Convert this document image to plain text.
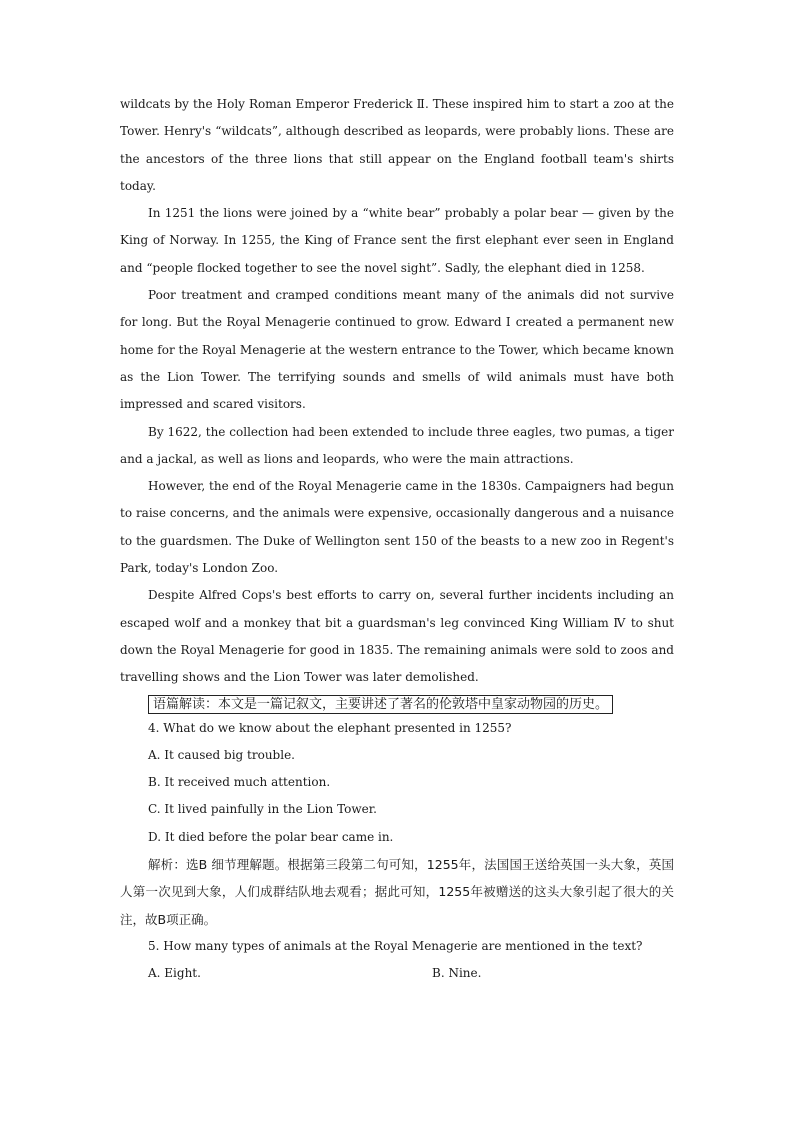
wildcats by the Holy Roman Emperor Frederick Ⅱ. These inspired him to start a zoo at the Tower. Henry's “wildcats”, although described as leopards, were probably lions. These are the ancestors of the three lions that still appear on the England football team's shirts today.

In 1251 the lions were joined by a “white bear” probably a polar bear — given by the King of Norway. In 1255, the King of France sent the first elephant ever seen in England and “people flocked together to see the novel sight”. Sadly, the elephant died in 1258.

Poor treatment and cramped conditions meant many of the animals did not survive for long. But the Royal Menagerie continued to grow. Edward Ⅰ created a permanent new home for the Royal Menagerie at the western entrance to the Tower, which became known as the Lion Tower. The terrifying sounds and smells of wild animals must have both impressed and scared visitors.

By 1622, the collection had been extended to include three eagles, two pumas, a tiger and a jackal, as well as lions and leopards, who were the main attractions.

However, the end of the Royal Menagerie came in the 1830s. Campaigners had begun to raise concerns, and the animals were expensive, occasionally dangerous and a nuisance to the guardsmen. The Duke of Wellington sent 150 of the beasts to a new zoo in Regent's Park, today's London Zoo.

Despite Alfred Cops's best efforts to carry on, several further incidents including an escaped wolf and a monkey that bit a guardsman's leg convinced King William Ⅳ to shut down the Royal Menagerie for good in 1835. The remaining animals were sold to zoos and travelling shows and the Lion Tower was later demolished.

语篇解读：本文是一篇记叙文，主要讲述了著名的伦敦塔中皇家动物园的历史。

4. What do we know about the elephant presented in 1255?

A. It caused big trouble.

B. It received much attention.

C. It lived painfully in the Lion Tower.

D. It died before the polar bear came in.

解析：选B 细节理解题。根据第三段第二句可知，1255年，法国国王送给英国一头大象，英国人第一次见到大象，人们成群结队地去观看；据此可知，1255年被赠送的这头大象引起了很大的关注，故B项正确。

5. How many types of animals at the Royal Menagerie are mentioned in the text?

A. Eight.	B. Nine.
